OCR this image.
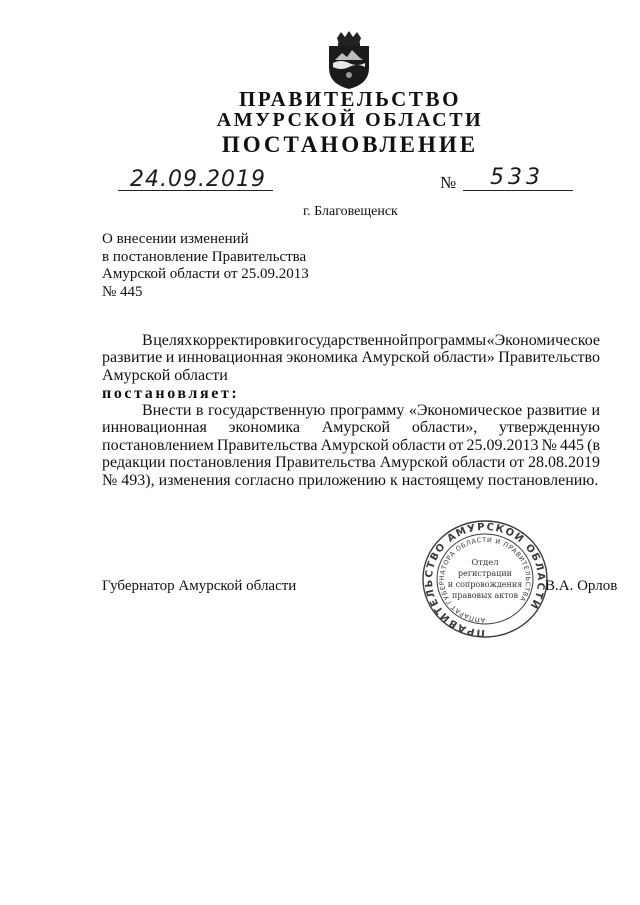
ПРАВИТЕЛЬСТВО
АМУРСКОЙ ОБЛАСТИ
ПОСТАНОВЛЕНИЕ
24.09.2019	№ 533
г. Благовещенск
О внесении изменений
в постановление Правительства
Амурской области от 25.09.2013
№ 445
В целях корректировки государственной программы «Экономическое
развитие и инновационная экономика Амурской области» Правительство
Амурской области
постановляет:
Внести в государственную программу «Экономическое развитие и
инновационная экономика Амурской области», утвержденную
постановлением Правительства Амурской области от 25.09.2013 № 445 (в
редакции постановления Правительства Амурской области от 28.08.2019
№ 493), изменения согласно приложению к настоящему постановлению.
Губернатор Амурской области
ПРАВИТЕЛЬСТВО АМУРСКОЙ ОБЛАСТИ
АППАРАТ ГУБЕРНАТОРА ОБЛАСТИ И ПРАВИТЕЛЬСТВА
Отдел
регистрации
и сопровождения
правовых актов
В.А. Орлов
